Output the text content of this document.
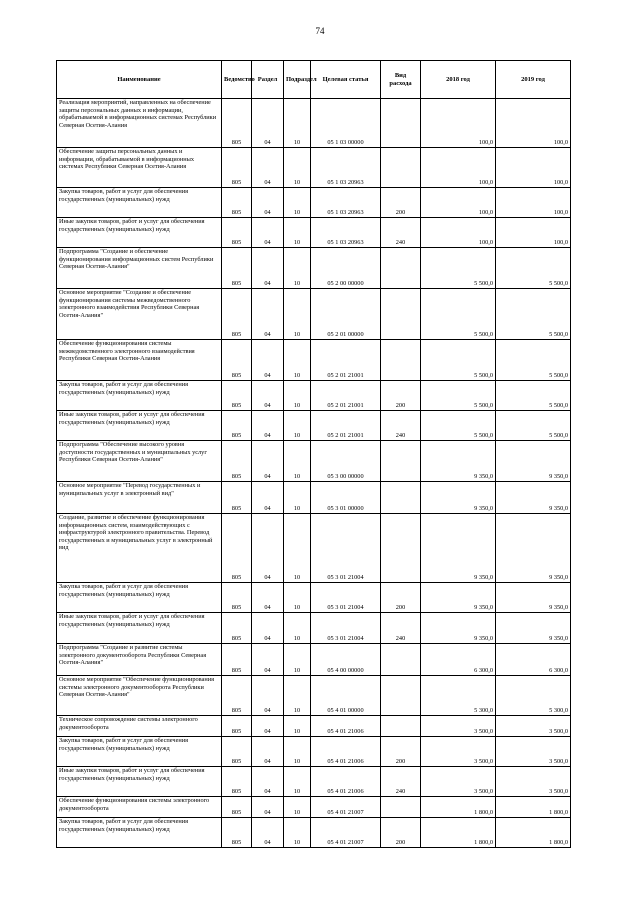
74
Наименование	Ведомство	Раздел	Подраздел	Целевая статья	Вид расхода	2018 год	2019 год
Реализация мероприятий, направленных на обеспечение защиты персональных данных и информации, обрабатываемой в информационных системах Республики Северная Осетия-Алания	805	04	10	05 1 03 00000		100,0	100,0
Обеспечение защиты персональных данных и информации, обрабатываемой в информационных системах Республики Северная Осетия-Алания	805	04	10	05 1 03 20963		100,0	100,0
Закупка товаров, работ и услуг для обеспечения государственных (муниципальных) нужд	805	04	10	05 1 03 20963	200	100,0	100,0
Иные закупки товаров, работ и услуг для обеспечения государственных (муниципальных) нужд	805	04	10	05 1 03 20963	240	100,0	100,0
Подпрограмма "Создание и обеспечение функционирования информационных систем Республики Северная Осетия-Алания"	805	04	10	05 2 00 00000		5 500,0	5 500,0
Основное мероприятие "Создание и обеспечение функционирования системы межведомственного электронного взаимодействия Республики Северная Осетия-Алания"	805	04	10	05 2 01 00000		5 500,0	5 500,0
Обеспечение функционирования системы межведомственного электронного взаимодействия Республики Северная Осетия-Алания	805	04	10	05 2 01 21001		5 500,0	5 500,0
Закупка товаров, работ и услуг для обеспечения государственных (муниципальных) нужд	805	04	10	05 2 01 21001	200	5 500,0	5 500,0
Иные закупки товаров, работ и услуг для обеспечения государственных (муниципальных) нужд	805	04	10	05 2 01 21001	240	5 500,0	5 500,0
Подпрограмма "Обеспечение высокого уровня доступности государственных и муниципальных услуг Республики Северная Осетия-Алания"	805	04	10	05 3 00 00000		9 350,0	9 350,0
Основное мероприятие "Перевод государственных и муниципальных услуг в электронный вид"	805	04	10	05 3 01 00000		9 350,0	9 350,0
Создание, развитие и обеспечение функционирования информационных систем, взаимодействующих с инфраструктурой электронного правительства. Перевод государственных и муниципальных услуг в электронный вид	805	04	10	05 3 01 21004		9 350,0	9 350,0
Закупка товаров, работ и услуг для обеспечения государственных (муниципальных) нужд	805	04	10	05 3 01 21004	200	9 350,0	9 350,0
Иные закупки товаров, работ и услуг для обеспечения государственных (муниципальных) нужд	805	04	10	05 3 01 21004	240	9 350,0	9 350,0
Подпрограмма "Создание и развитие системы электронного документооборота Республики Северная Осетия-Алания"	805	04	10	05 4 00 00000		6 300,0	6 300,0
Основное мероприятие "Обеспечение функционирования системы электронного документооборота Республики Северная Осетия-Алания"	805	04	10	05 4 01 00000		5 300,0	5 300,0
Техническое сопровождение системы электронного документооборота	805	04	10	05 4 01 21006		3 500,0	3 500,0
Закупка товаров, работ и услуг для обеспечения государственных (муниципальных) нужд	805	04	10	05 4 01 21006	200	3 500,0	3 500,0
Иные закупки товаров, работ и услуг для обеспечения государственных (муниципальных) нужд	805	04	10	05 4 01 21006	240	3 500,0	3 500,0
Обеспечение функционирования системы электронного документооборота	805	04	10	05 4 01 21007		1 800,0	1 800,0
Закупка товаров, работ и услуг для обеспечения государственных (муниципальных) нужд	805	04	10	05 4 01 21007	200	1 800,0	1 800,0
